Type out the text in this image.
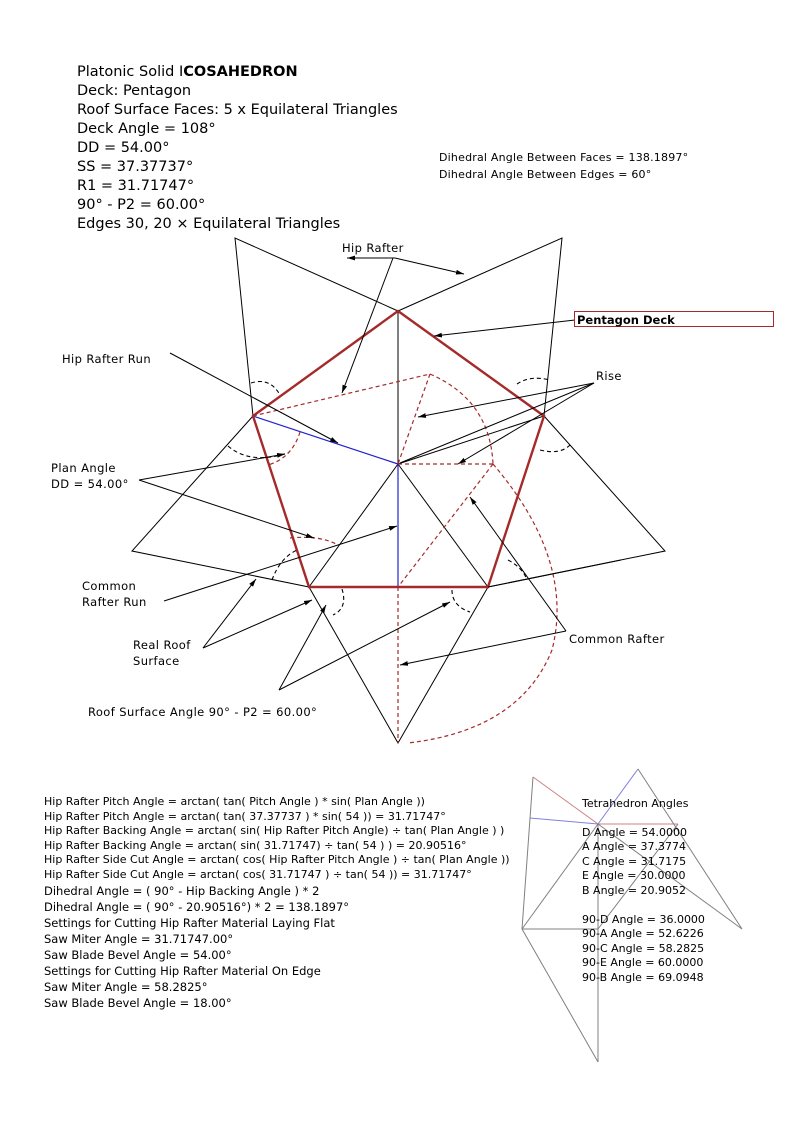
Platonic Solid ICOSAHEDRON
Deck: Pentagon
Roof Surface Faces: 5 x Equilateral Triangles
Deck Angle = 108°
DD = 54.00°
SS = 37.37737°
R1 = 31.71747°
90° - P2 = 60.00°
Edges 30, 20 × Equilateral Triangles
Dihedral Angle Between Faces = 138.1897°
Dihedral Angle Between Edges = 60°
Hip Rafter
Pentagon Deck
Hip Rafter Run
Rise
Plan Angle
DD = 54.00°
Common
Rafter Run
Real Roof
Surface
Common Rafter
Roof Surface Angle 90° - P2 = 60.00°
Hip Rafter Pitch Angle = arctan( tan( Pitch Angle ) * sin( Plan Angle ))
Hip Rafter Pitch Angle = arctan( tan( 37.37737 ) * sin( 54 )) = 31.71747°
Hip Rafter Backing Angle = arctan( sin( Hip Rafter Pitch Angle) ÷ tan( Plan Angle ) )
Hip Rafter Backing Angle = arctan( sin( 31.71747) ÷ tan( 54 ) ) = 20.90516°
Hip Rafter Side Cut Angle = arctan( cos( Hip Rafter Pitch Angle ) ÷ tan( Plan Angle ))
Hip Rafter Side Cut Angle = arctan( cos( 31.71747 ) ÷ tan( 54 )) = 31.71747°
Dihedral Angle = ( 90° - Hip Backing Angle ) * 2
Dihedral Angle = ( 90° - 20.90516°) * 2 = 138.1897°
Settings for Cutting Hip Rafter Material Laying Flat
Saw Miter Angle = 31.71747.00°
Saw Blade Bevel Angle = 54.00°
Settings for Cutting Hip Rafter Material On Edge
Saw Miter Angle = 58.2825°
Saw Blade Bevel Angle = 18.00°
Tetrahedron Angles
D Angle = 54.0000
A Angle = 37.3774
C Angle = 31.7175
E Angle = 30.0000
B Angle = 20.9052
90-D Angle = 36.0000
90-A Angle = 52.6226
90-C Angle = 58.2825
90-E Angle = 60.0000
90-B Angle = 69.0948
